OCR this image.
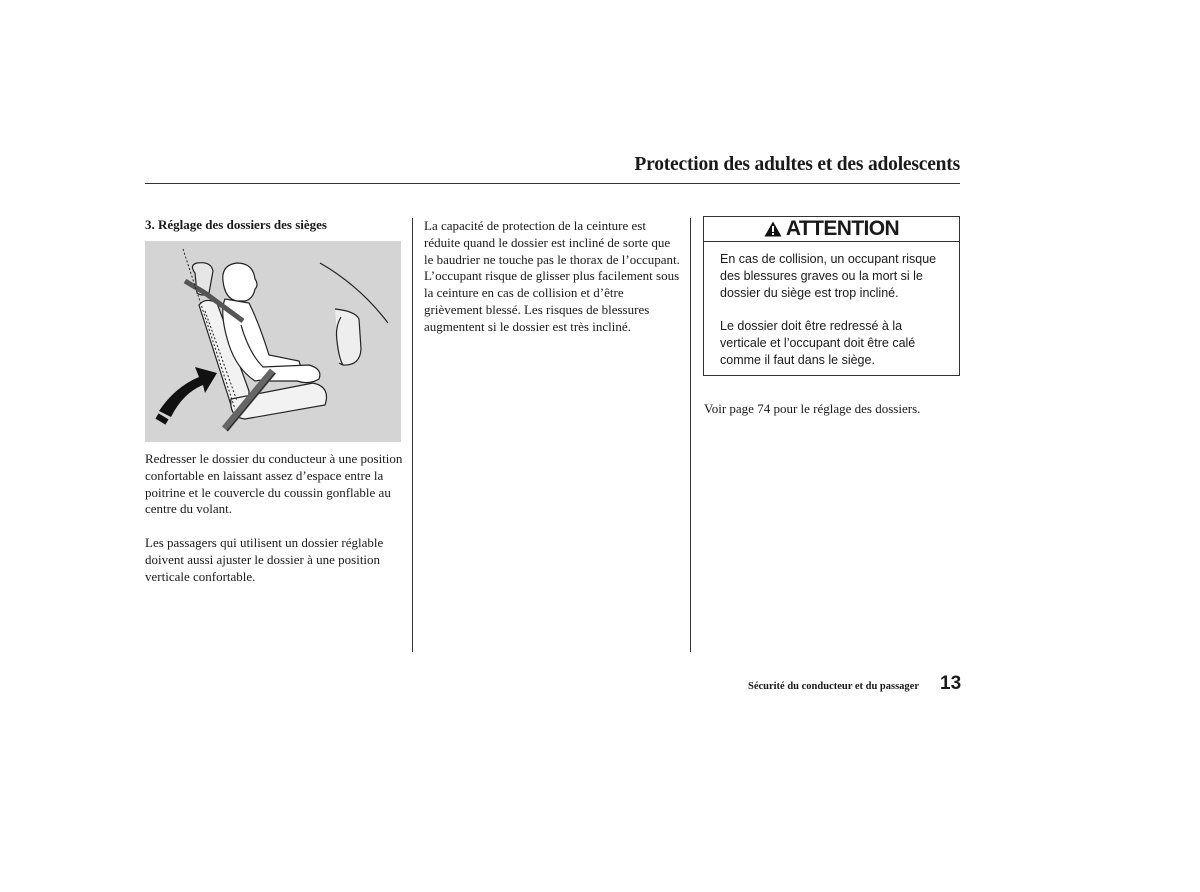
Protection des adultes et des adolescents
3. Réglage des dossiers des sièges
Redresser le dossier du conducteur à une position confortable en laissant assez d’espace entre la poitrine et le couvercle du coussin gonflable au centre du volant.
Les passagers qui utilisent un dossier réglable doivent aussi ajuster le dossier à une position verticale confortable.
La capacité de protection de la ceinture est réduite quand le dossier est incliné de sorte que le baudrier ne touche pas le thorax de l’occupant. L’occupant risque de glisser plus facilement sous la ceinture en cas de collision et d’être grièvement blessé. Les risques de blessures augmentent si le dossier est très incliné.
ATTENTION
En cas de collision, un occupant risque des blessures graves ou la mort si le dossier du siège est trop incliné.
Le dossier doit être redressé à la verticale et l’occupant doit être calé comme il faut dans le siège.
Voir page 74 pour le réglage des dossiers.
Sécurité du conducteur et du passager 13
